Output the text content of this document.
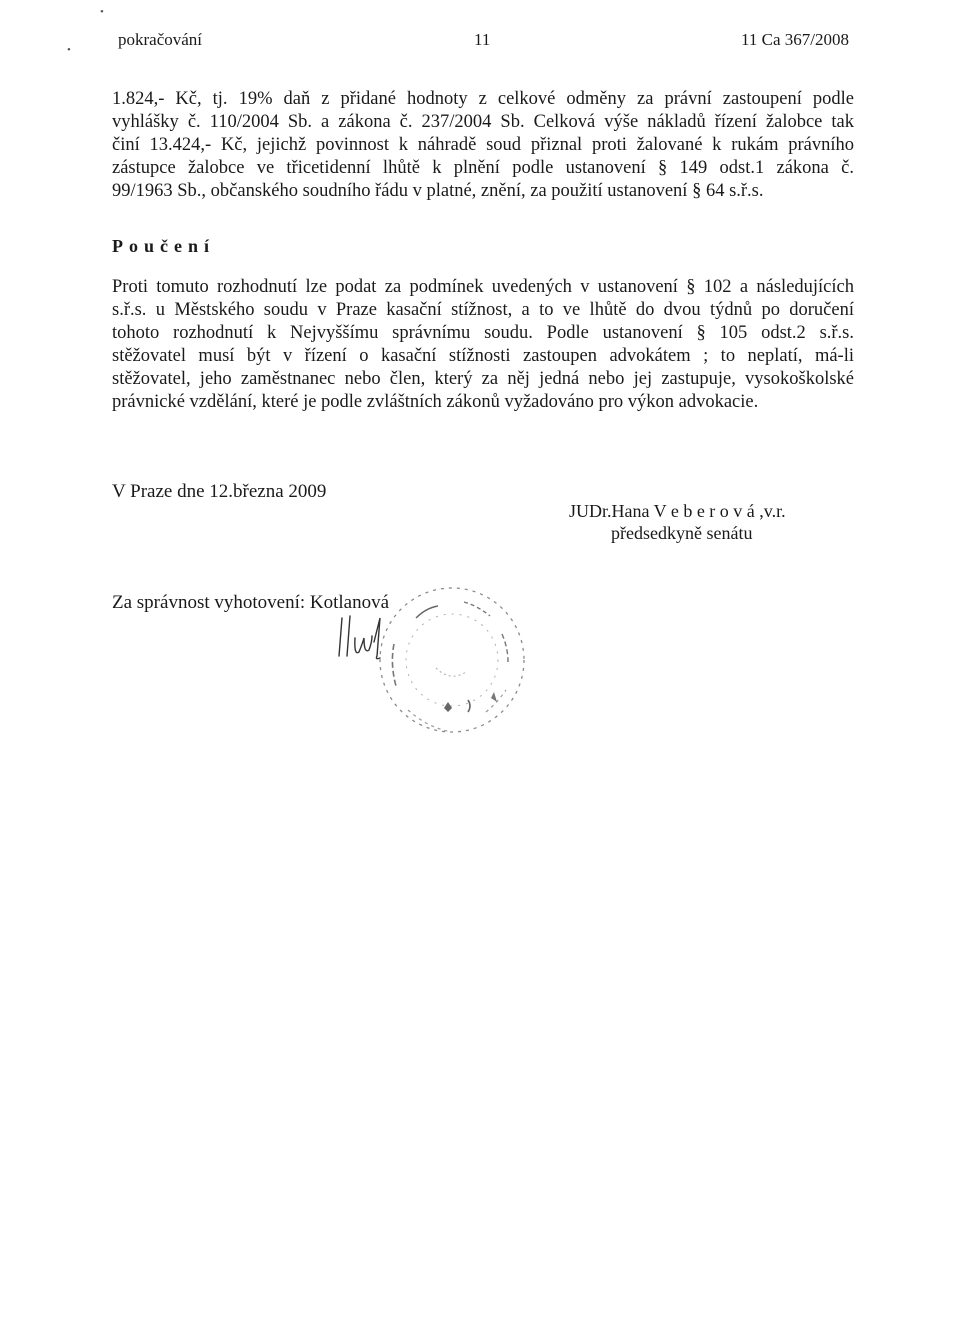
•
•
pokračování	11	11 Ca 367/2008
1.824,- Kč, tj. 19% daň z přidané hodnoty z celkové odměny za právní zastoupení podle
vyhlášky č. 110/2004 Sb. a zákona č. 237/2004 Sb. Celková výše nákladů řízení žalobce tak
činí 13.424,- Kč, jejichž povinnost k náhradě soud přiznal proti žalované k rukám právního
zástupce žalobce ve třicetidenní lhůtě k plnění podle ustanovení § 149 odst.1 zákona č.
99/1963 Sb., občanského soudního řádu v platné, znění, za použití ustanovení § 64 s.ř.s.
Poučení
Proti tomuto rozhodnutí lze podat za podmínek uvedených v ustanovení § 102 a následujících
s.ř.s. u Městského soudu v Praze kasační stížnost, a to ve lhůtě do dvou týdnů po doručení
tohoto rozhodnutí k Nejvyššímu správnímu soudu. Podle ustanovení § 105 odst.2 s.ř.s.
stěžovatel musí být v řízení o kasační stížnosti zastoupen advokátem ; to neplatí, má-li
stěžovatel, jeho zaměstnanec nebo člen, který za něj jedná nebo jej zastupuje, vysokoškolské
právnické vzdělání, které je podle zvláštních zákonů vyžadováno pro výkon advokacie.
V Praze dne 12.března 2009
JUDr.Hana V e b e r o v á ,v.r.
předsedkyně senátu
Za správnost vyhotovení: Kotlanová
